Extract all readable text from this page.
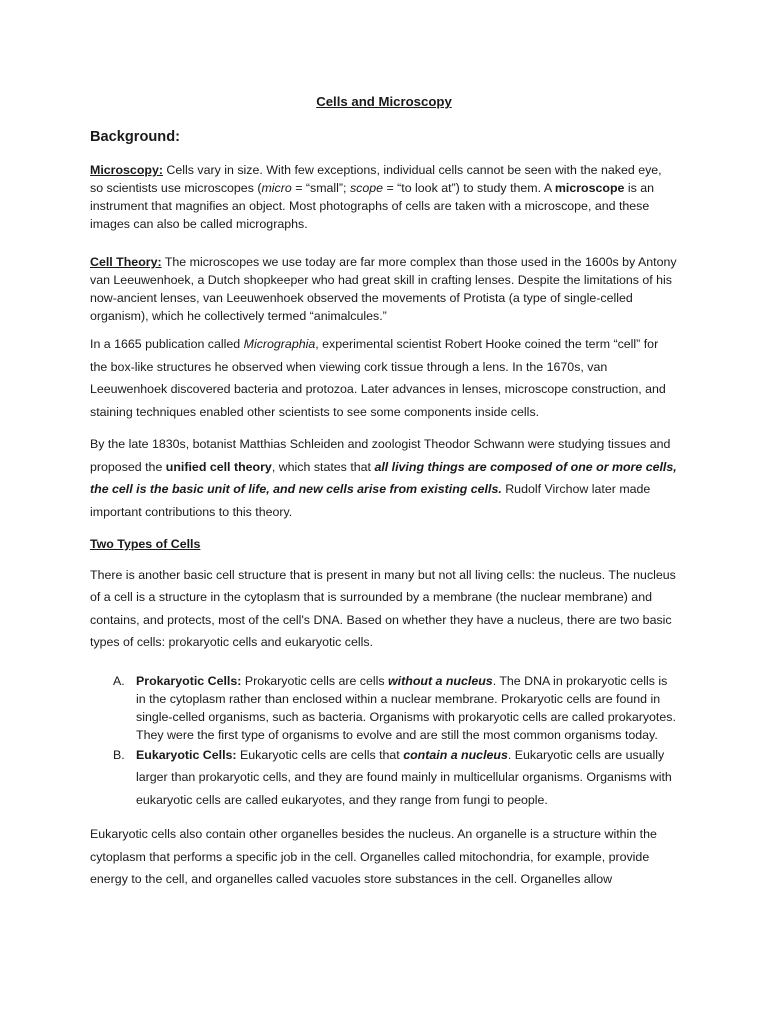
Cells and Microscopy
Background:

Microscopy: Cells vary in size. With few exceptions, individual cells cannot be seen with the naked eye, so scientists use microscopes (micro = “small”; scope = “to look at”) to study them. A microscope is an instrument that magnifies an object. Most photographs of cells are taken with a microscope, and these images can also be called micrographs.

Cell Theory: The microscopes we use today are far more complex than those used in the 1600s by Antony van Leeuwenhoek, a Dutch shopkeeper who had great skill in crafting lenses. Despite the limitations of his now-ancient lenses, van Leeuwenhoek observed the movements of Protista (a type of single-celled organism), which he collectively termed “animalcules.”

In a 1665 publication called Micrographia, experimental scientist Robert Hooke coined the term “cell” for the box-like structures he observed when viewing cork tissue through a lens. In the 1670s, van Leeuwenhoek discovered bacteria and protozoa. Later advances in lenses, microscope construction, and staining techniques enabled other scientists to see some components inside cells.

By the late 1830s, botanist Matthias Schleiden and zoologist Theodor Schwann were studying tissues and proposed the unified cell theory, which states that all living things are composed of one or more cells, the cell is the basic unit of life, and new cells arise from existing cells. Rudolf Virchow later made important contributions to this theory.

Two Types of Cells

There is another basic cell structure that is present in many but not all living cells: the nucleus. The nucleus of a cell is a structure in the cytoplasm that is surrounded by a membrane (the nuclear membrane) and contains, and protects, most of the cell's DNA. Based on whether they have a nucleus, there are two basic types of cells: prokaryotic cells and eukaryotic cells.

A. Prokaryotic Cells: Prokaryotic cells are cells without a nucleus. The DNA in prokaryotic cells is in the cytoplasm rather than enclosed within a nuclear membrane. Prokaryotic cells are found in single-celled organisms, such as bacteria. Organisms with prokaryotic cells are called prokaryotes. They were the first type of organisms to evolve and are still the most common organisms today.
B. Eukaryotic Cells: Eukaryotic cells are cells that contain a nucleus. Eukaryotic cells are usually larger than prokaryotic cells, and they are found mainly in multicellular organisms. Organisms with eukaryotic cells are called eukaryotes, and they range from fungi to people.

Eukaryotic cells also contain other organelles besides the nucleus. An organelle is a structure within the cytoplasm that performs a specific job in the cell. Organelles called mitochondria, for example, provide energy to the cell, and organelles called vacuoles store substances in the cell. Organelles allow
